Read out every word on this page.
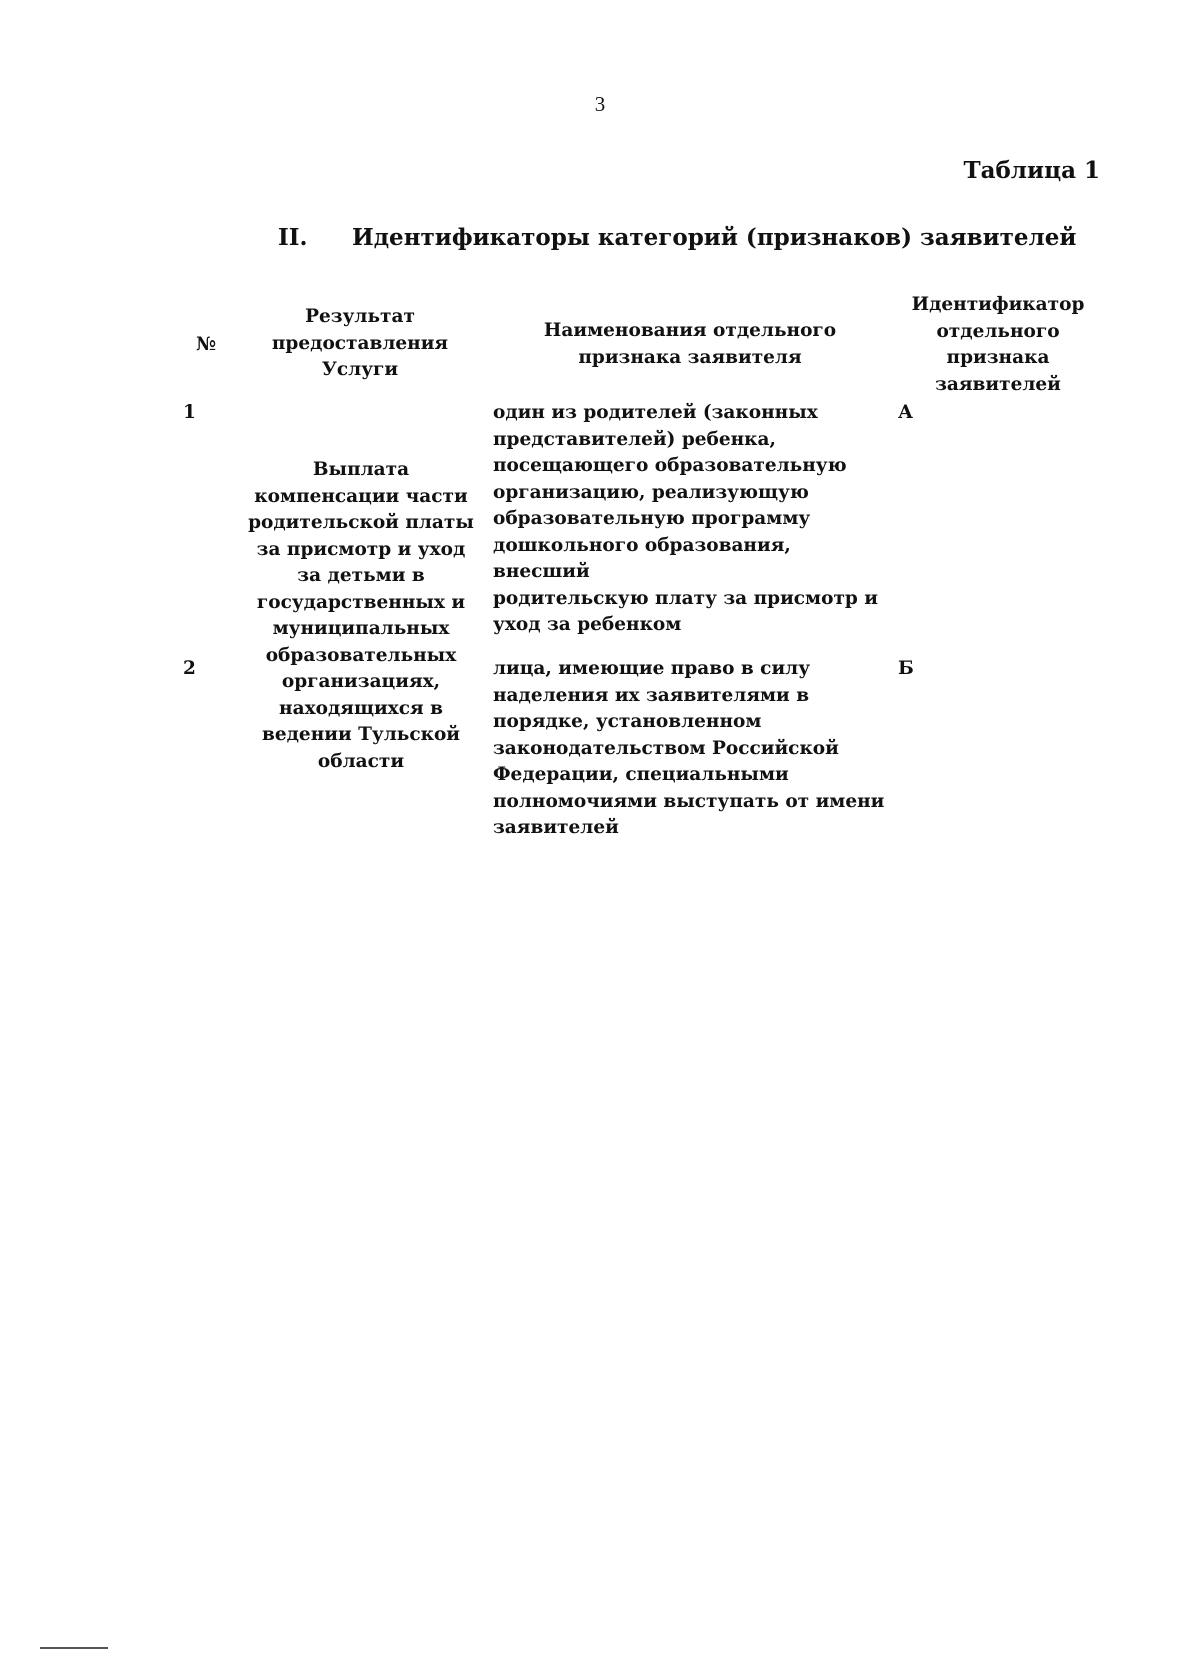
3
Таблица 1
II. Идентификаторы категорий (признаков) заявителей
№
Результат
предоставления
Услуги
Наименования отдельного
признака заявителя
Идентификатор
отдельного
признака
заявителей
Выплата
компенсации части
родительской платы
за присмотр и уход
за детьми в
государственных и
муниципальных
образовательных
организациях,
находящихся в
ведении Тульской
области
1	один из родителей (законных
представителей) ребенка,
посещающего образовательную
организацию, реализующую
образовательную программу
дошкольного образования, внесший
родительскую плату за присмотр и
уход за ребенком
А
2	лица, имеющие право в силу
наделения их заявителями в
порядке, установленном
законодательством Российской
Федерации, специальными
полномочиями выступать от имени
заявителей
Б
